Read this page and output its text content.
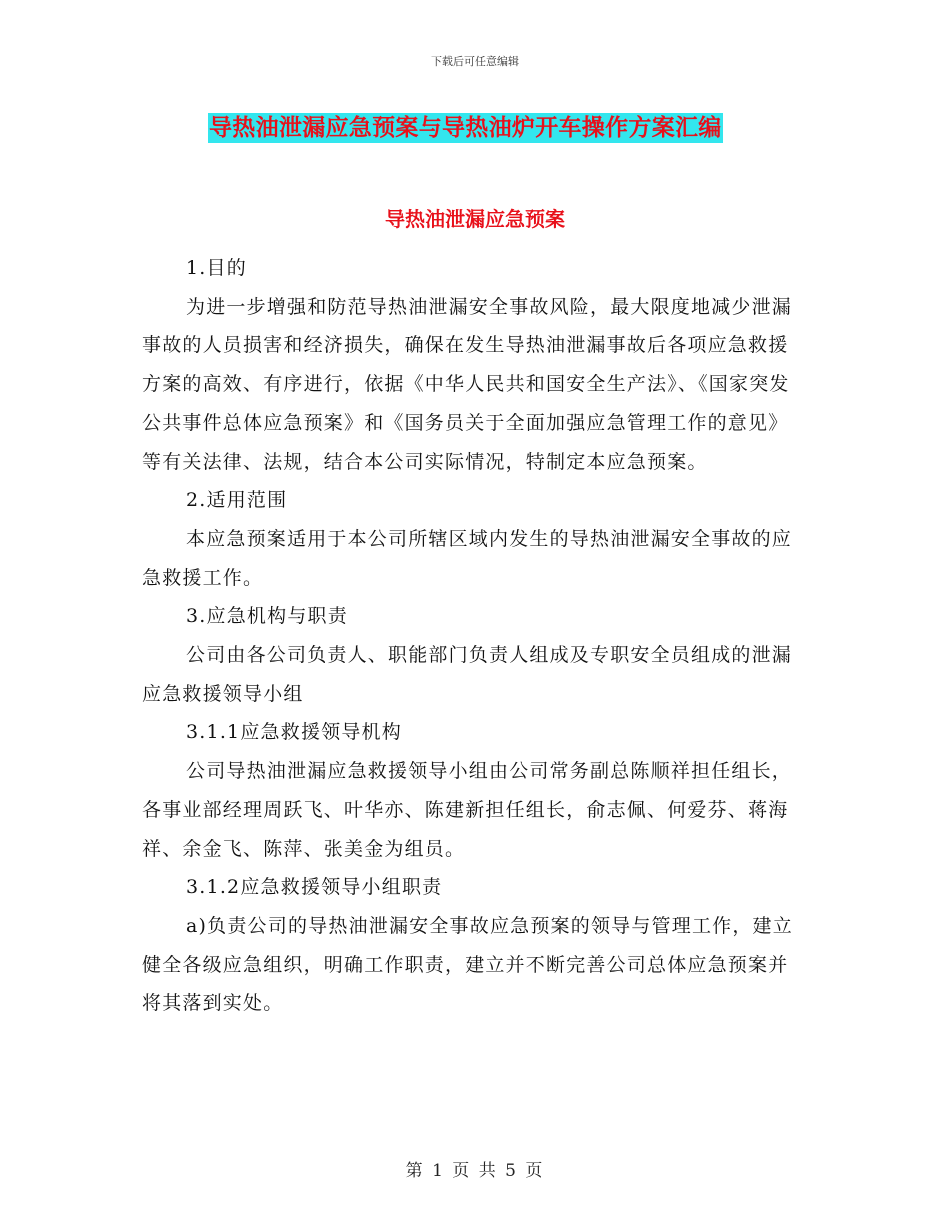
下载后可任意编辑
导热油泄漏应急预案与导热油炉开车操作方案汇编
导热油泄漏应急预案

1.目的

为进一步增强和防范导热油泄漏安全事故风险，最大限度地减少泄漏事故的人员损害和经济损失，确保在发生导热油泄漏事故后各项应急救援方案的高效、有序进行，依据《中华人民共和国安全生产法》、《国家突发公共事件总体应急预案》和《国务员关于全面加强应急管理工作的意见》等有关法律、法规，结合本公司实际情况，特制定本应急预案。

2.适用范围

本应急预案适用于本公司所辖区域内发生的导热油泄漏安全事故的应急救援工作。

3.应急机构与职责

公司由各公司负责人、职能部门负责人组成及专职安全员组成的泄漏应急救援领导小组

3.1.1应急救援领导机构

公司导热油泄漏应急救援领导小组由公司常务副总陈顺祥担任组长，各事业部经理周跃飞、叶华亦、陈建新担任组长，俞志佩、何爱芬、蒋海祥、余金飞、陈萍、张美金为组员。

3.1.2应急救援领导小组职责

a)负责公司的导热油泄漏安全事故应急预案的领导与管理工作，建立健全各级应急组织，明确工作职责，建立并不断完善公司总体应急预案并将其落到实处。

第 1 页 共 5 页
